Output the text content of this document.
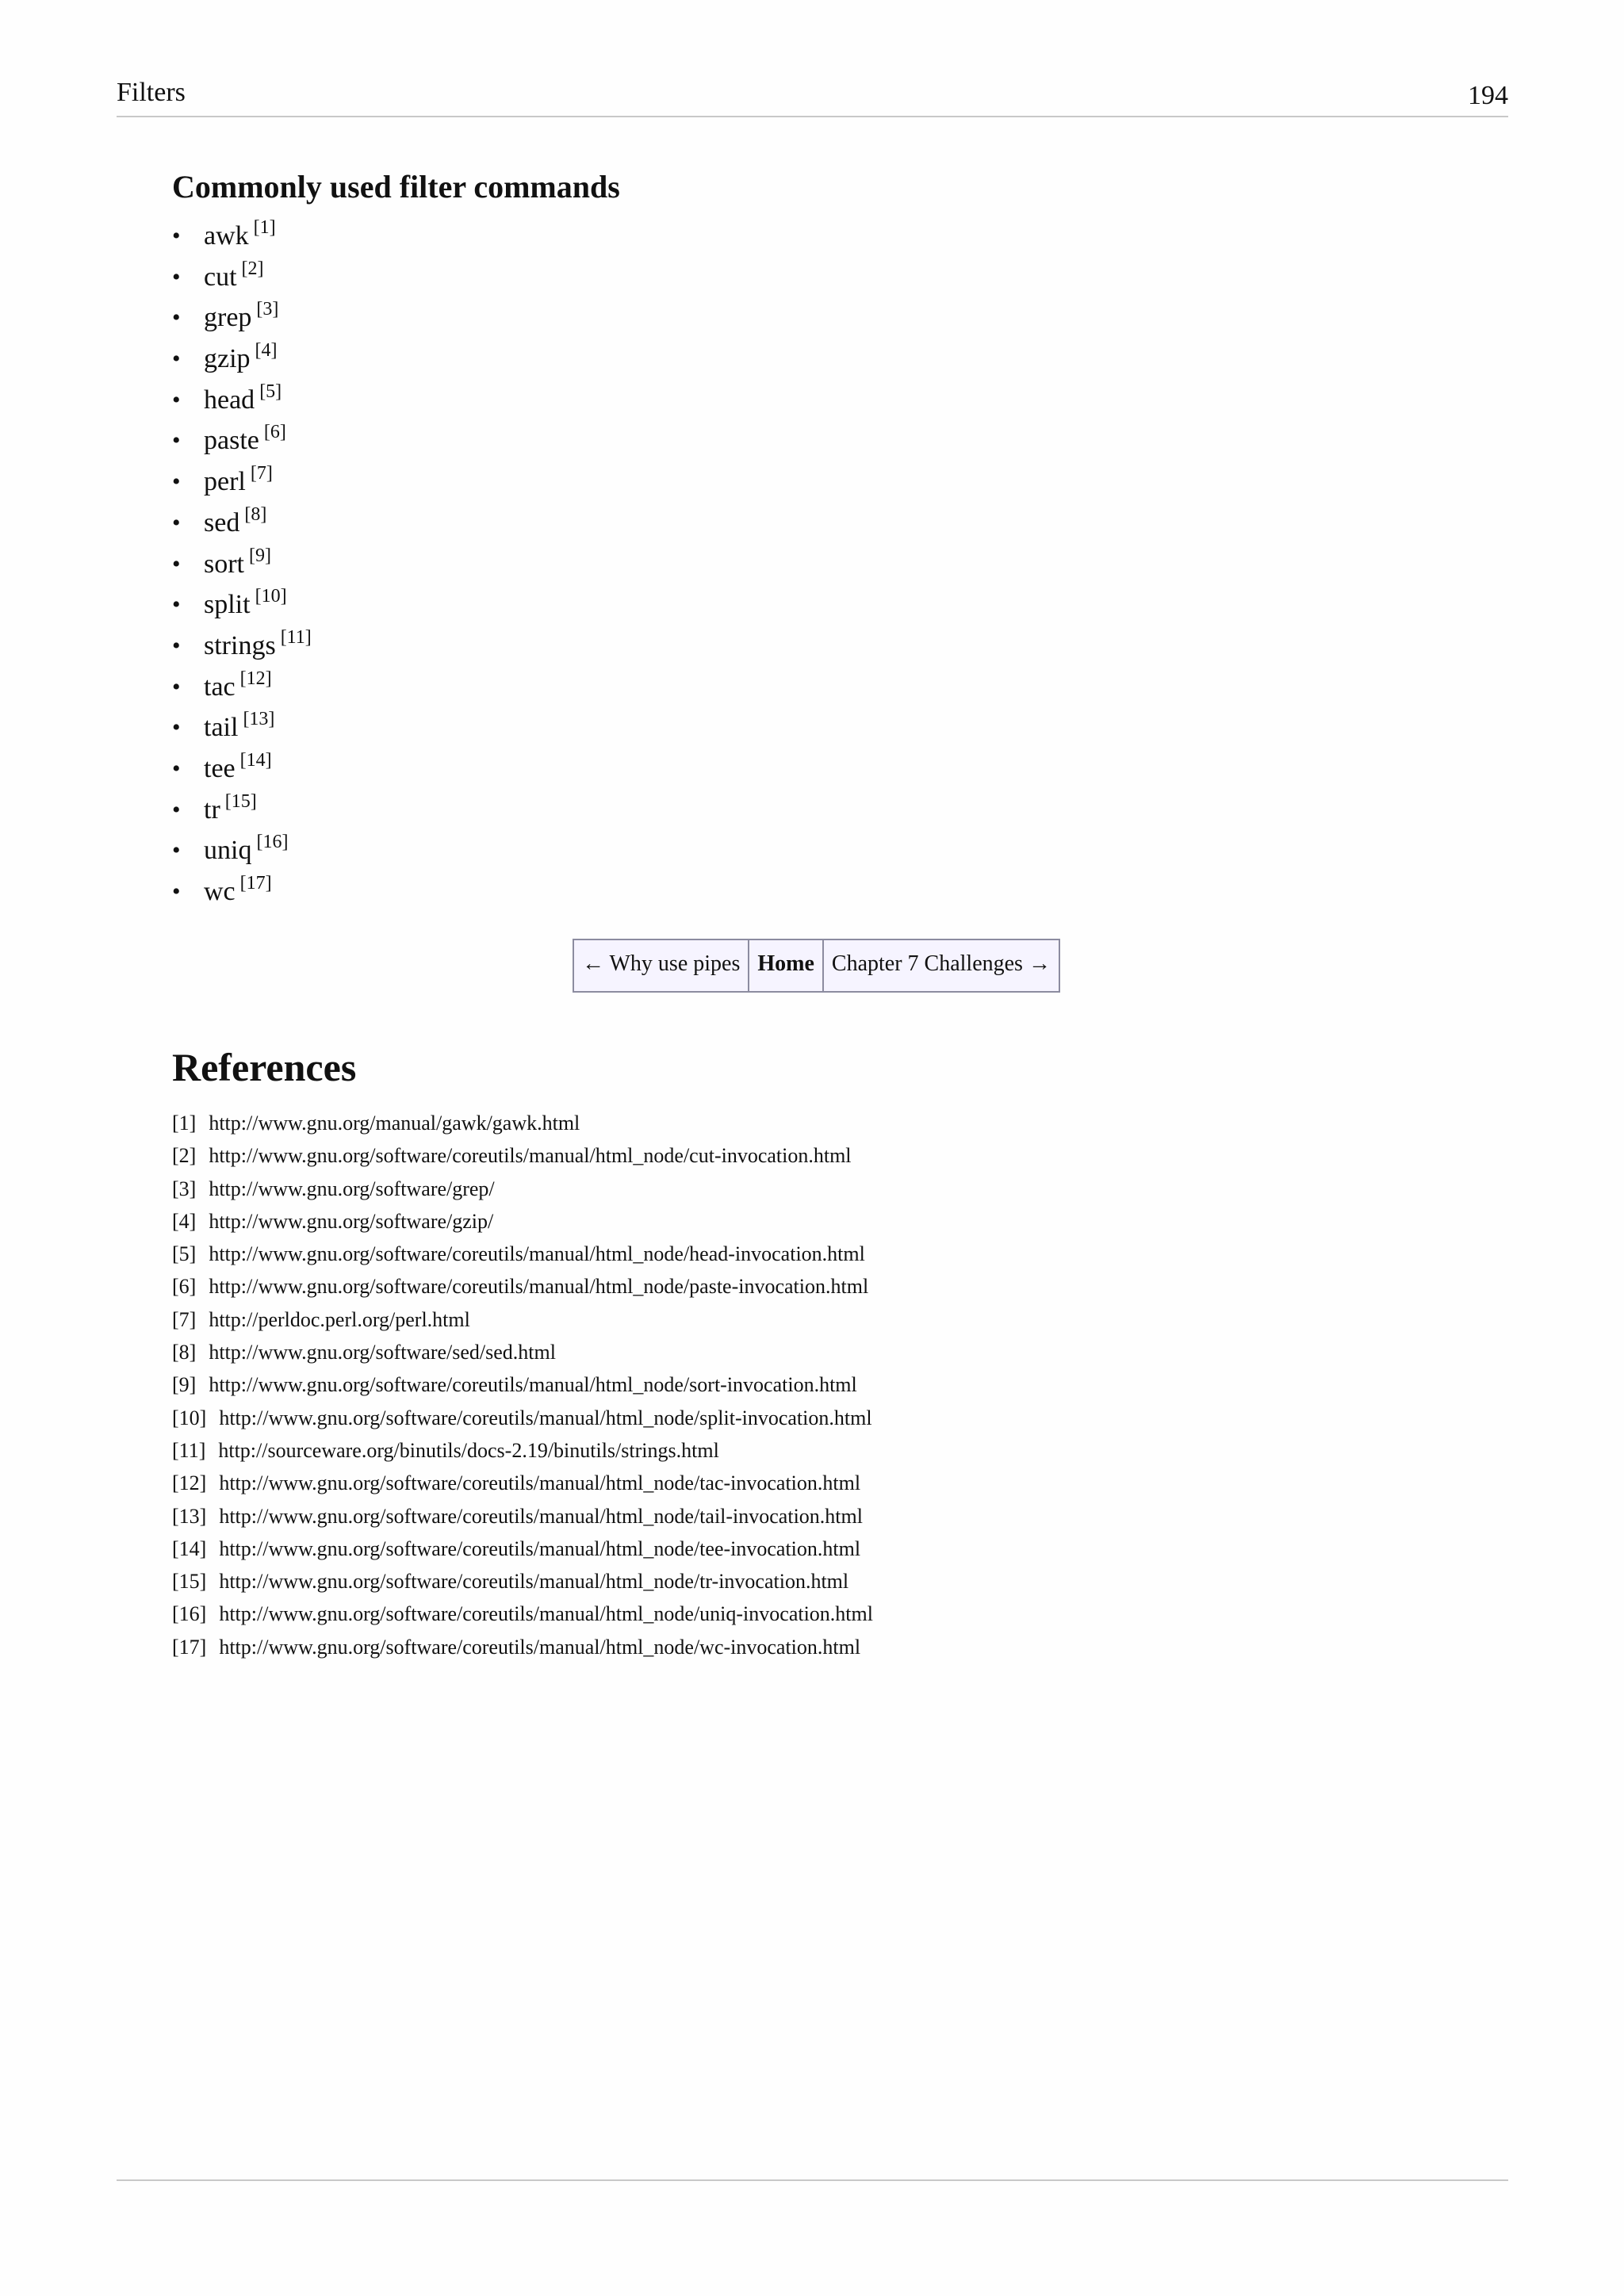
Filters	194
Commonly used filter commands
• awk [1]
• cut [2]
• grep [3]
• gzip [4]
• head [5]
• paste [6]
• perl [7]
• sed [8]
• sort [9]
• split [10]
• strings [11]
• tac [12]
• tail [13]
• tee [14]
• tr [15]
• uniq [16]
• wc [17]
← Why use pipes Home Chapter 7 Challenges →
References
[1] http://www.gnu.org/manual/gawk/gawk.html
[2] http://www.gnu.org/software/coreutils/manual/html_node/cut-invocation.html
[3] http://www.gnu.org/software/grep/
[4] http://www.gnu.org/software/gzip/
[5] http://www.gnu.org/software/coreutils/manual/html_node/head-invocation.html
[6] http://www.gnu.org/software/coreutils/manual/html_node/paste-invocation.html
[7] http://perldoc.perl.org/perl.html
[8] http://www.gnu.org/software/sed/sed.html
[9] http://www.gnu.org/software/coreutils/manual/html_node/sort-invocation.html
[10] http://www.gnu.org/software/coreutils/manual/html_node/split-invocation.html
[11] http://sourceware.org/binutils/docs-2.19/binutils/strings.html
[12] http://www.gnu.org/software/coreutils/manual/html_node/tac-invocation.html
[13] http://www.gnu.org/software/coreutils/manual/html_node/tail-invocation.html
[14] http://www.gnu.org/software/coreutils/manual/html_node/tee-invocation.html
[15] http://www.gnu.org/software/coreutils/manual/html_node/tr-invocation.html
[16] http://www.gnu.org/software/coreutils/manual/html_node/uniq-invocation.html
[17] http://www.gnu.org/software/coreutils/manual/html_node/wc-invocation.html
